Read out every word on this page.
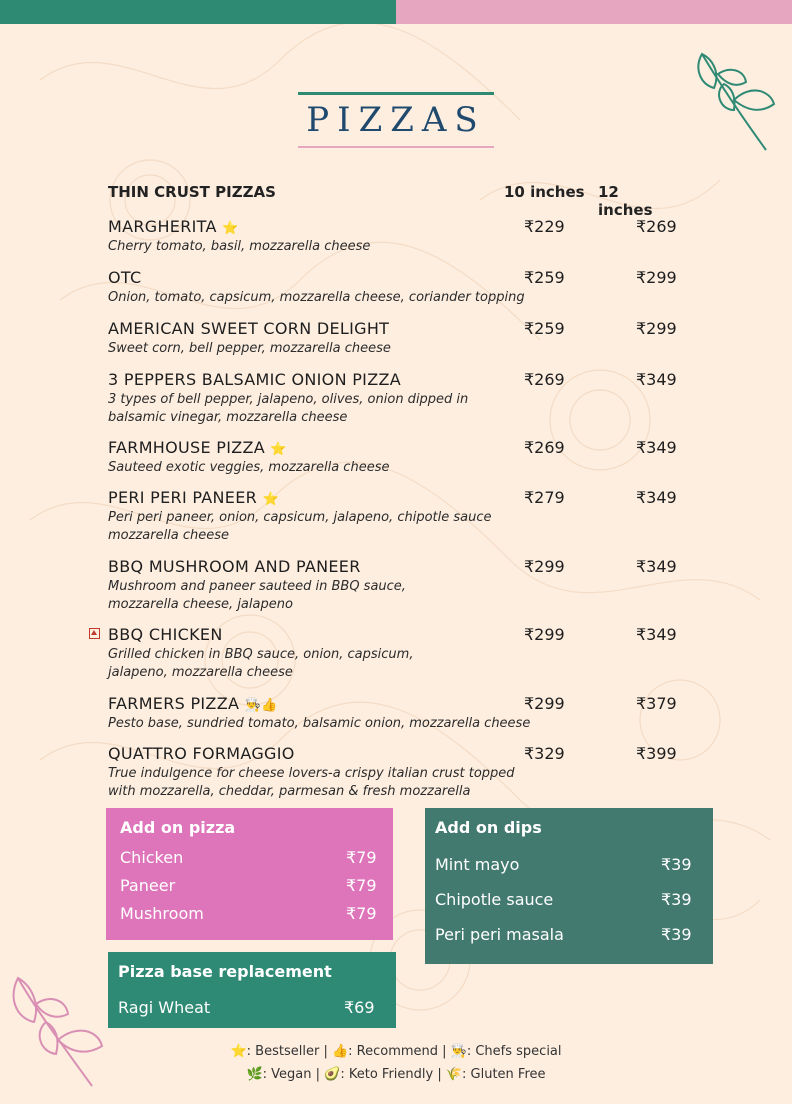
PIZZAS
THIN CRUST PIZZAS	10 inches 12 inches
MARGHERITA ⭐
Cherry tomato, basil, mozzarella cheese
₹229	₹269
OTC
Onion, tomato, capsicum, mozzarella cheese, coriander topping
₹259	₹299
AMERICAN SWEET CORN DELIGHT
Sweet corn, bell pepper, mozzarella cheese
₹259	₹299
3 PEPPERS BALSAMIC ONION PIZZA
3 types of bell pepper, jalapeno, olives, onion dipped in
balsamic vinegar, mozzarella cheese
₹269	₹349
FARMHOUSE PIZZA ⭐
Sauteed exotic veggies, mozzarella cheese
₹269	₹349
PERI PERI PANEER ⭐
Peri peri paneer, onion, capsicum, jalapeno, chipotle sauce
mozzarella cheese
₹279	₹349
BBQ MUSHROOM AND PANEER
Mushroom and paneer sauteed in BBQ sauce,
mozzarella cheese, jalapeno
₹299	₹349
BBQ CHICKEN
Grilled chicken in BBQ sauce, onion, capsicum,
jalapeno, mozzarella cheese
₹299	₹349
FARMERS PIZZA 👨‍🍳👍
Pesto base, sundried tomato, balsamic onion, mozzarella cheese
₹299	₹379
QUATTRO FORMAGGIO
True indulgence for cheese lovers-a crispy italian crust topped
with mozzarella, cheddar, parmesan & fresh mozzarella
₹329	₹399
Add on pizza
Chicken	₹79
Paneer	₹79
Mushroom	₹79
Add on dips
Mint mayo	₹39
Chipotle sauce	₹39
Peri peri masala	₹39
Pizza base replacement
Ragi Wheat	₹69
⭐: Bestseller | 👍: Recommend | 👨‍🍳: Chefs special
🌿: Vegan | 🥑: Keto Friendly | 🌾: Gluten Free
